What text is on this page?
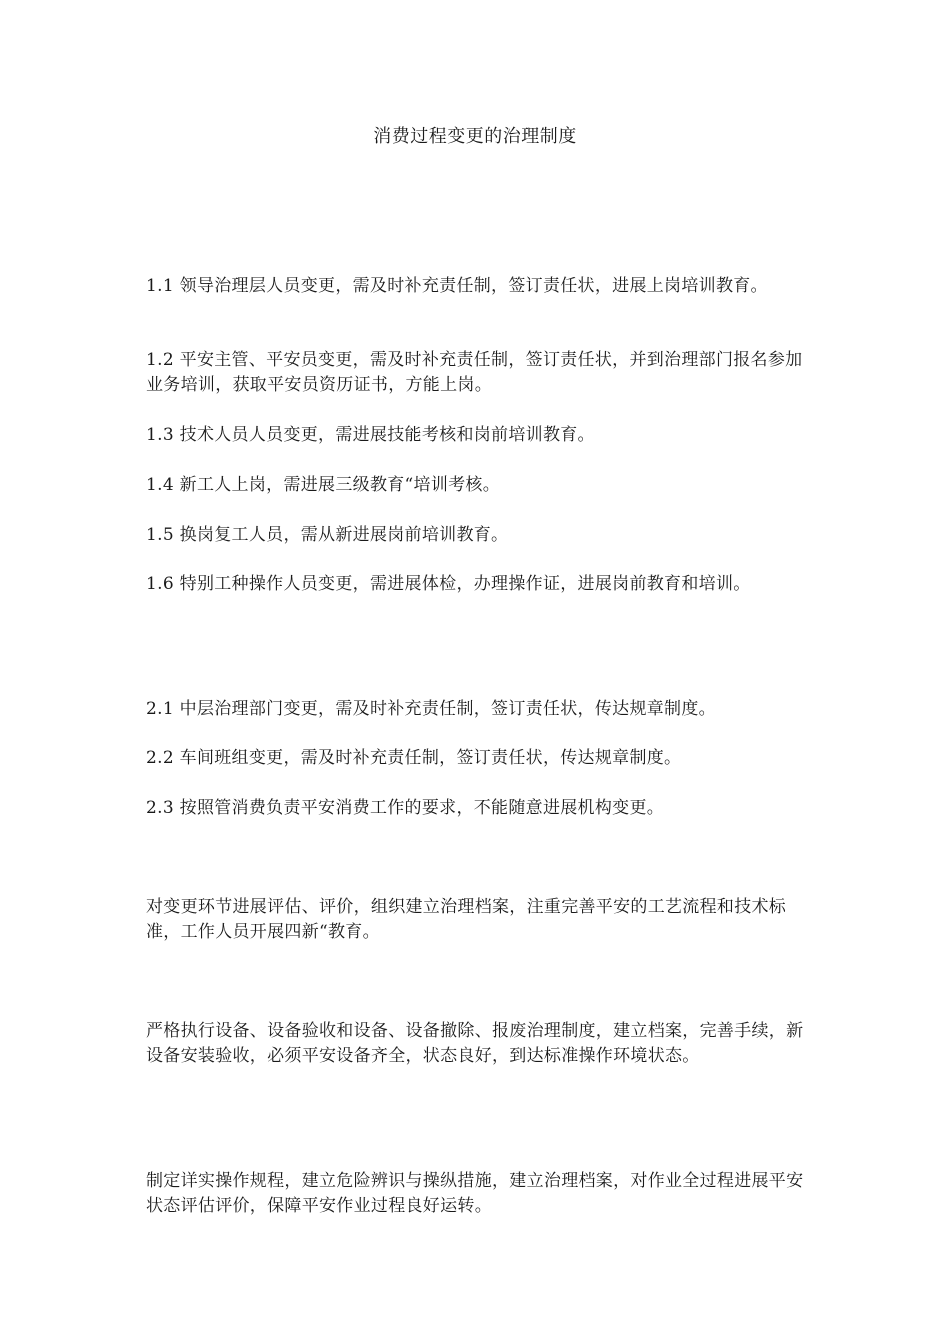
消费过程变更的治理制度

1.1 领导治理层人员变更，需及时补充责任制，签订责任状，进展上岗培训教育。

1.2 平安主管、平安员变更，需及时补充责任制，签订责任状，并到治理部门报名参加业务培训，获取平安员资历证书，方能上岗。

1.3 技术人员人员变更，需进展技能考核和岗前培训教育。

1.4 新工人上岗，需进展三级教育“培训考核。

1.5 换岗复工人员，需从新进展岗前培训教育。

1.6 特别工种操作人员变更，需进展体检，办理操作证，进展岗前教育和培训。

2.1 中层治理部门变更，需及时补充责任制，签订责任状，传达规章制度。

2.2 车间班组变更，需及时补充责任制，签订责任状，传达规章制度。

2.3 按照管消费负责平安消费工作的要求，不能随意进展机构变更。

对变更环节进展评估、评价，组织建立治理档案，注重完善平安的工艺流程和技术标准，工作人员开展四新“教育。

严格执行设备、设备验收和设备、设备撤除、报废治理制度，建立档案，完善手续，新设备安装验收，必须平安设备齐全，状态良好，到达标准操作环境状态。

制定详实操作规程，建立危险辨识与操纵措施，建立治理档案，对作业全过程进展平安状态评估评价，保障平安作业过程良好运转。
